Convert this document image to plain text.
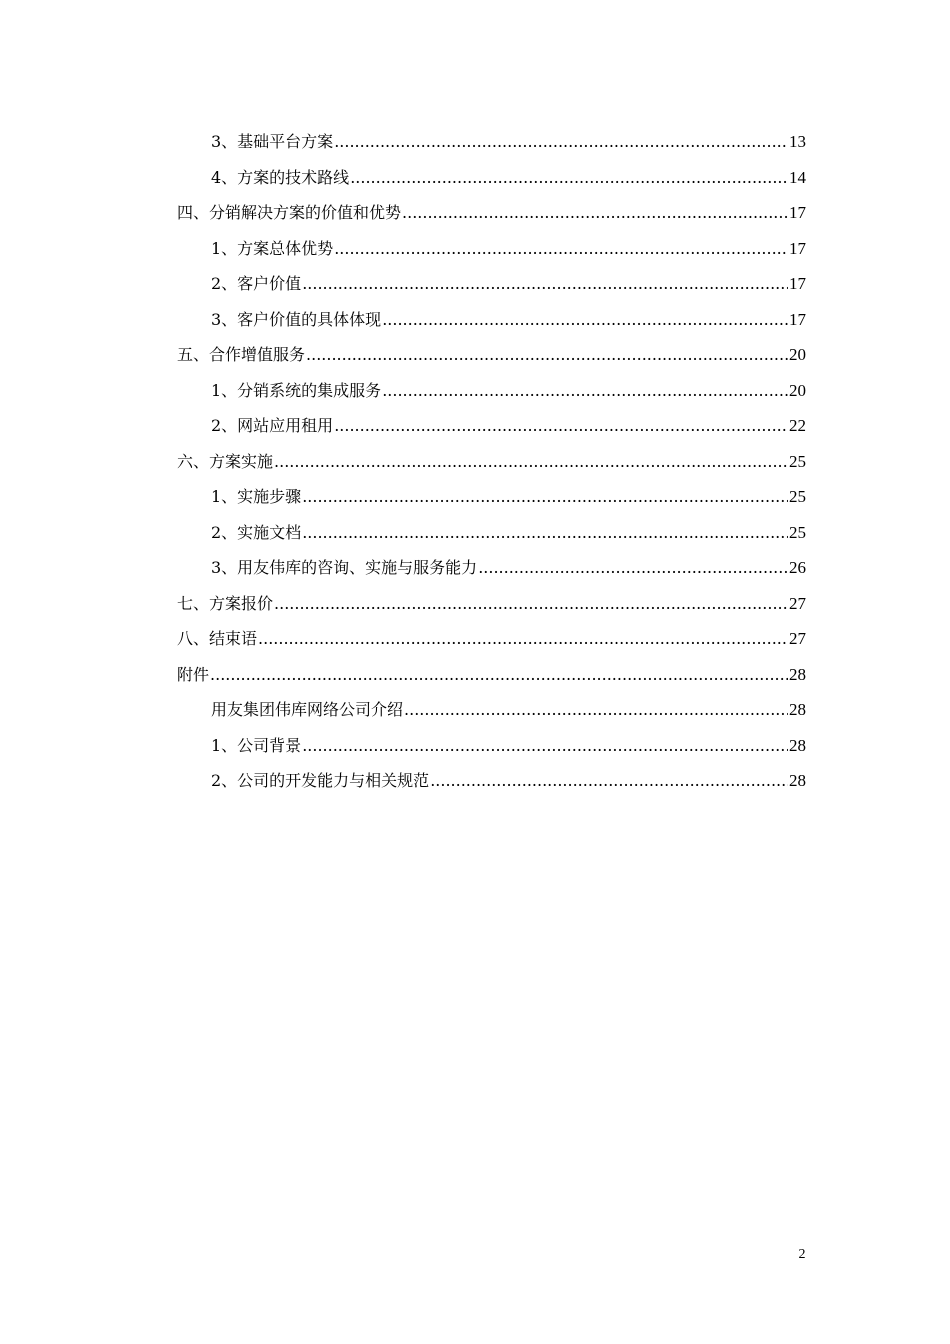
3、基础平台方案 .....	13
4、方案的技术路线 .....	14
四、分销解决方案的价值和优势 .....	17
1、方案总体优势 .....	17
2、客户价值 .....	17
3、客户价值的具体体现 .....	17
五、合作增值服务 .....	20
1、分销系统的集成服务 .....	20
2、网站应用租用 .....	22
六、方案实施 .....	25
1、实施步骤 .....	25
2、实施文档 .....	25
3、用友伟库的咨询、实施与服务能力 .....	26
七、方案报价 .....	27
八、结束语 .....	27
附件 .....	28
用友集团伟库网络公司介绍 .....	28
1、公司背景 .....	28
2、公司的开发能力与相关规范 .....	28
2
